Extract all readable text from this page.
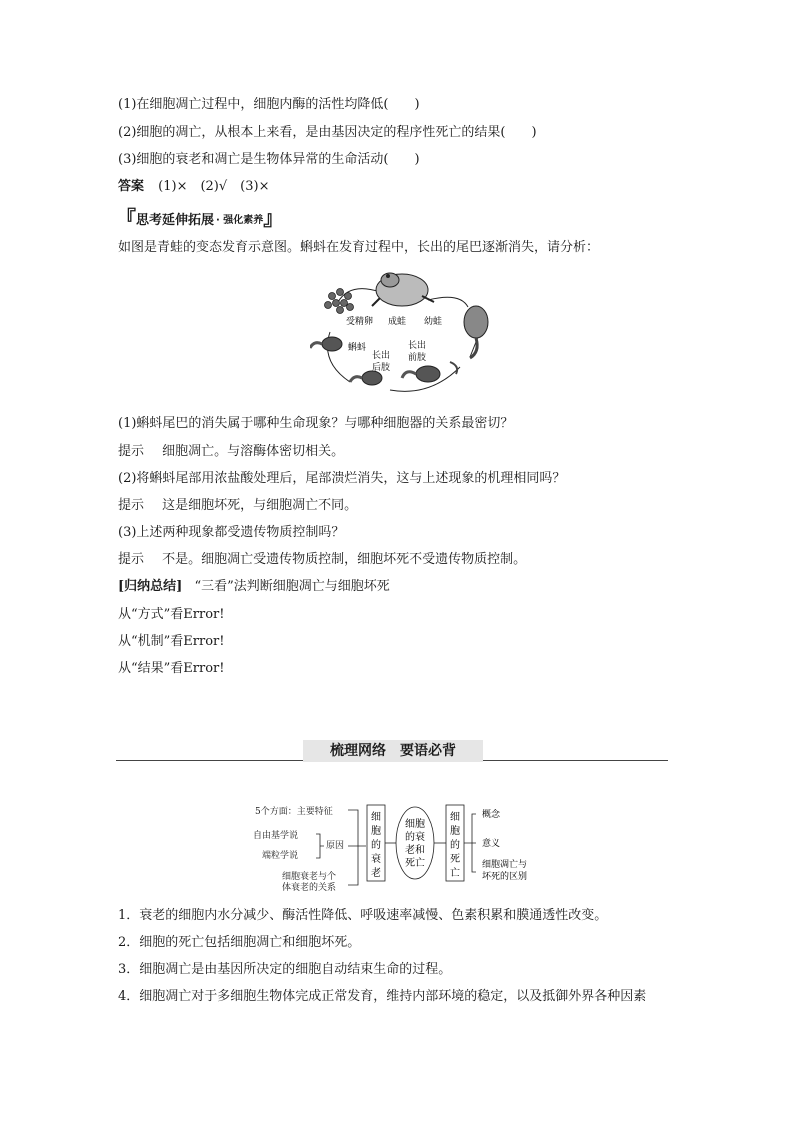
(1)在细胞凋亡过程中，细胞内酶的活性均降低(　　)
(2)细胞的凋亡，从根本上来看，是由基因决定的程序性死亡的结果(　　)
(3)细胞的衰老和凋亡是生物体异常的生命活动(　　)
答案 (1)×　(2)√　(3)×
『 思考延伸拓展 · 强化素养 』
如图是青蛙的变态发育示意图。蝌蚪在发育过程中，长出的尾巴逐渐消失，请分析：
受精卵 成蛙 幼蛙
蝌蚪
长出
后肢
长出
前肢
(1)蝌蚪尾巴的消失属于哪种生命现象？与哪种细胞器的关系最密切？
提示 细胞凋亡。与溶酶体密切相关。
(2)将蝌蚪尾部用浓盐酸处理后，尾部溃烂消失，这与上述现象的机理相同吗？
提示 这是细胞坏死，与细胞凋亡不同。
(3)上述两种现象都受遗传物质控制吗？
提示 不是。细胞凋亡受遗传物质控制，细胞坏死不受遗传物质控制。
[归纳总结] “三看”法判断细胞凋亡与细胞坏死
从“方式”看Error!
从“机制”看Error!
从“结果”看Error!
梳理网络　要语必背
5个方面：主要特征
自由基学说
端粒学说
原因
细胞衰老与个
体衰老的关系
细
胞
的
衰
老
细胞
的衰
老和
死亡
细
胞
的
死
亡
概念
意义
细胞凋亡与
坏死的区别
1．衰老的细胞内水分减少、酶活性降低、呼吸速率减慢、色素积累和膜通透性改变。
2．细胞的死亡包括细胞凋亡和细胞坏死。
3．细胞凋亡是由基因所决定的细胞自动结束生命的过程。
4．细胞凋亡对于多细胞生物体完成正常发育，维持内部环境的稳定，以及抵御外界各种因素
